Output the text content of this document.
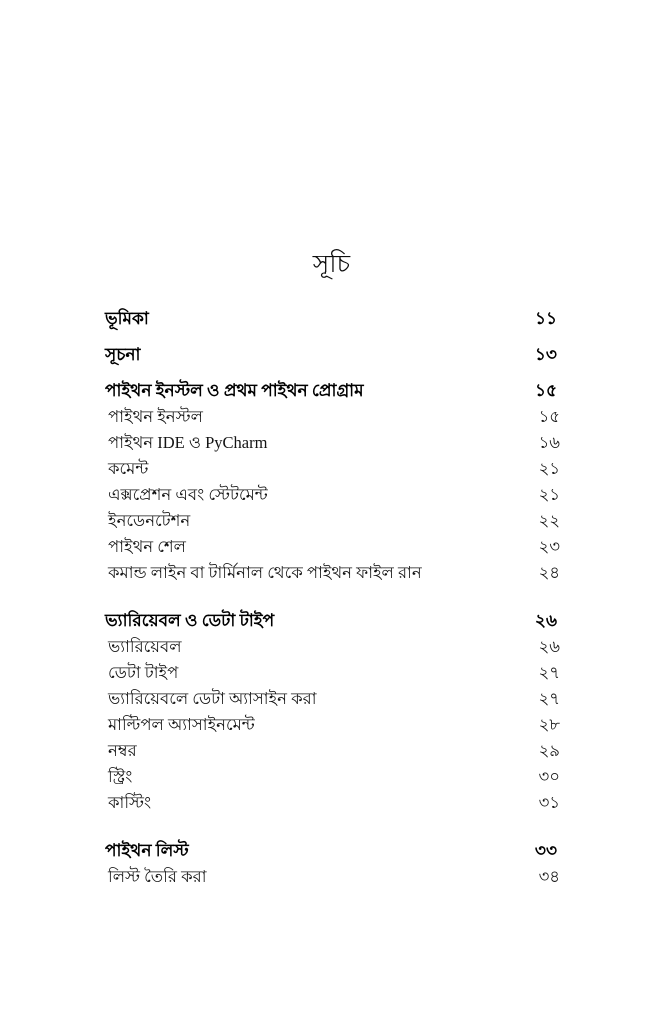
সূচি
ভূমিকা	১১
সূচনা	১৩
পাইথন ইনস্টল ও প্রথম পাইথন প্রোগ্রাম	১৫
পাইথন ইনস্টল	১৫
পাইথন IDE ও PyCharm	১৬
কমেন্ট	২১
এক্সপ্রেশন এবং স্টেটমেন্ট	২১
ইনডেনটেশন	২২
পাইথন শেল	২৩
কমান্ড লাইন বা টার্মিনাল থেকে পাইথন ফাইল রান	২৪
ভ্যারিয়েবল ও ডেটা টাইপ	২৬
ভ্যারিয়েবল	২৬
ডেটা টাইপ	২৭
ভ্যারিয়েবলে ডেটা অ্যাসাইন করা	২৭
মাল্টিপল অ্যাসাইনমেন্ট	২৮
নম্বর	২৯
স্ট্রিং	৩০
কাস্টিং	৩১
পাইথন লিস্ট	৩৩
লিস্ট তৈরি করা	৩৪
